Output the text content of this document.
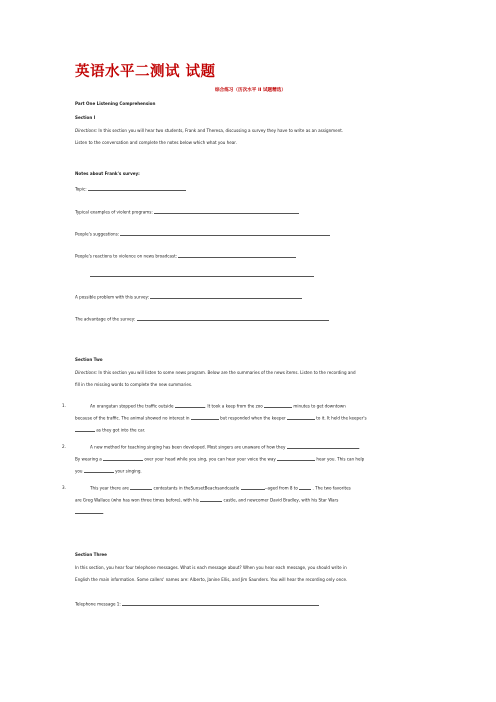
英语水平二测试 试题
综合练习（历次水平 II 试题精选）
Part One Listening Comprehension
Section I
Directions: In this section you will hear two students, Frank and Theresa, discussing a survey they have to write as an assignment.
Listen to the conversation and complete the notes below which what you hear.
Notes about Frank's survey:
Topic:
Typical examples of violent programs:
People's suggestions:
People's reactions to violence on news broadcast:
A possible problem with this survey:
The advantage of the survey:
Section Two
Directions: In this section you will listen to some news program. Below are the summaries of the news items. Listen to the recording and
fill in the missing words to complete the new summaries.
1.	An orangutan stopped the traffic outside	. It took a keep from the zoo	minutes to get downtown
because of the traffic. The animal showed no interest in	but responded when the keeper	to it. It held the keeper's
as they got into the car.
2.	A new method for teaching singing has been developed. Most singers are unaware of how they	.
By wearing a	over your head while you sing, you can hear your voice the way	hear you. This can help
you	your singing.
3.	This year there are	contestants in theSunsetBeachsandcastle	--aged from 8 to	. The two favorites
are Greg Wallace (who has won three times before), with his	castle, and newcomer David Bradley, with his Star Wars
.
Section Three
In this section, you hear four telephone messages. What is each message about? When you hear each message, you should write in
English the main information. Some callers' names are: Alberto, Janine Ellis, and Jim Saunders. You will hear the recording only once.
Telephone message 1:
